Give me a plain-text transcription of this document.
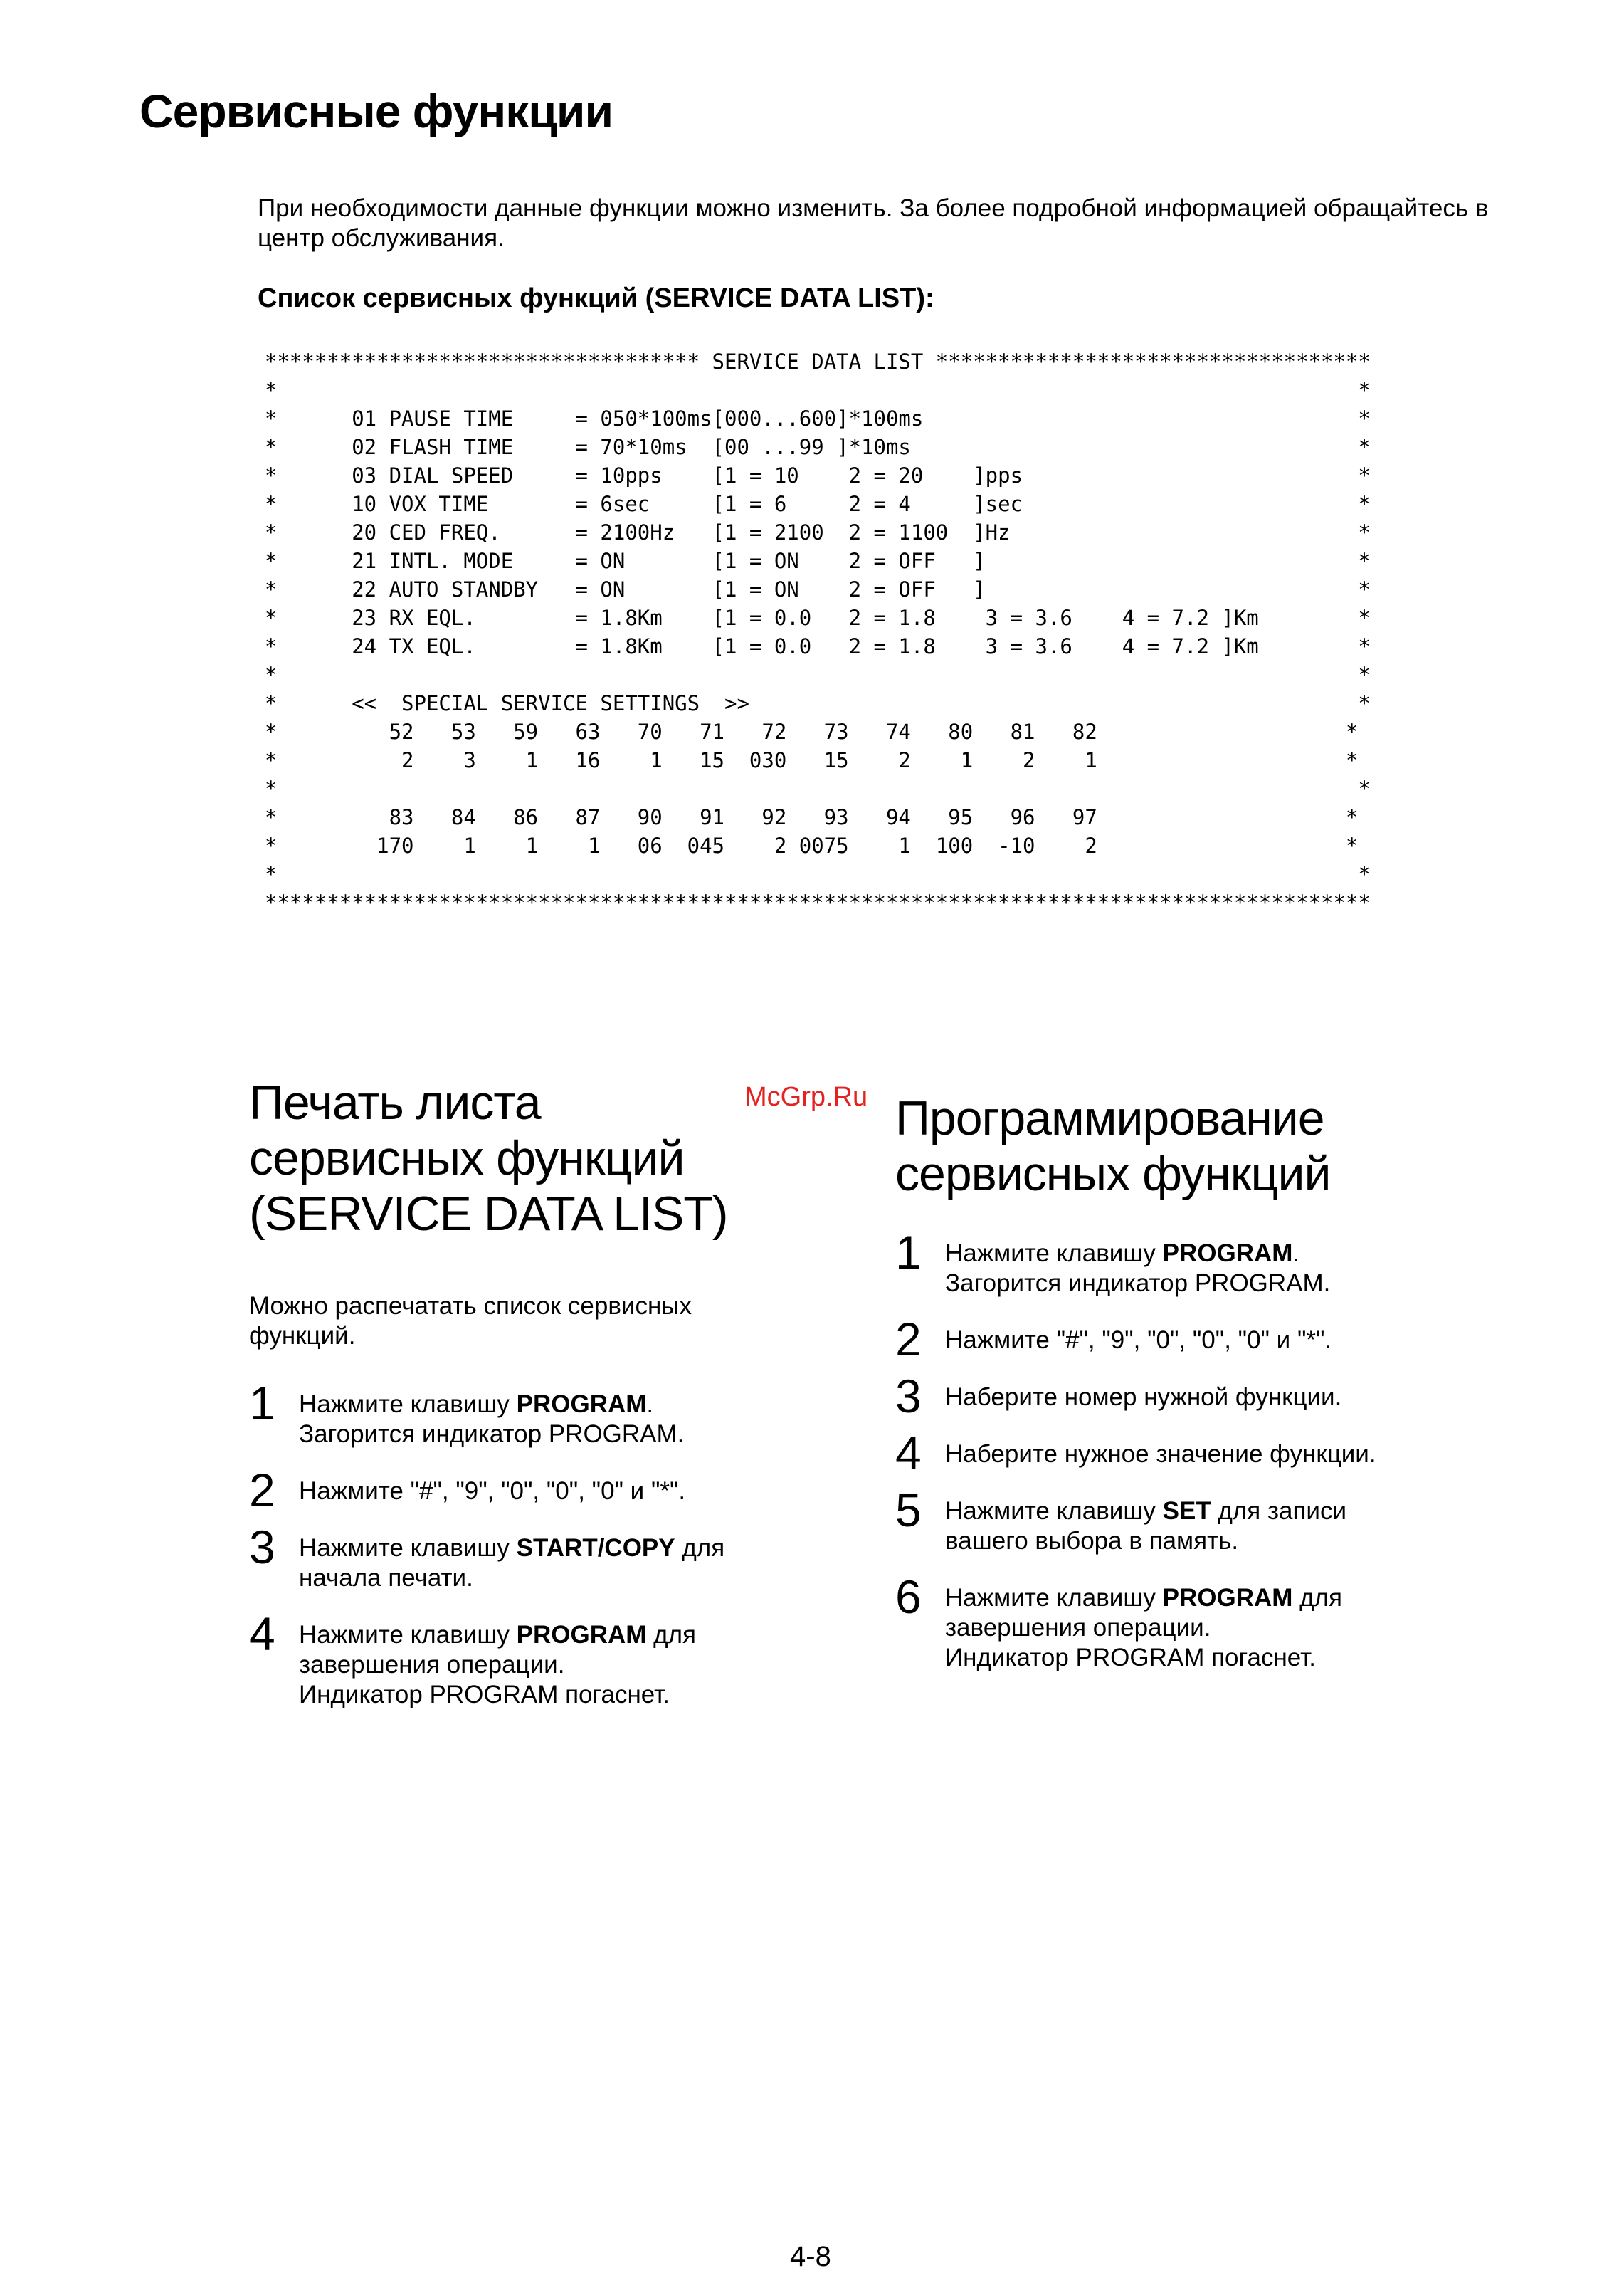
Сервисные функции

При необходимости данные функции можно изменить. За более подробной информацией обращайтесь в центр обслуживания.

Список сервисных функций (SERVICE DATA LIST):
*********************************** SERVICE DATA LIST ***********************************
*                                                                                       *
*      01 PAUSE TIME     = 050*100ms[000...600]*100ms                                   *
*      02 FLASH TIME     = 70*10ms  [00 ...99 ]*10ms                                    *
*      03 DIAL SPEED     = 10pps    [1 = 10    2 = 20    ]pps                           *
*      10 VOX TIME       = 6sec     [1 = 6     2 = 4     ]sec                           *
*      20 CED FREQ.      = 2100Hz   [1 = 2100  2 = 1100  ]Hz                            *
*      21 INTL. MODE     = ON       [1 = ON    2 = OFF   ]                              *
*      22 AUTO STANDBY   = ON       [1 = ON    2 = OFF   ]                              *
*      23 RX EQL.        = 1.8Km    [1 = 0.0   2 = 1.8    3 = 3.6    4 = 7.2 ]Km        *
*      24 TX EQL.        = 1.8Km    [1 = 0.0   2 = 1.8    3 = 3.6    4 = 7.2 ]Km        *
*                                                                                       *
*      <<  SPECIAL SERVICE SETTINGS  >>                                                 *
*         52   53   59   63   70   71   72   73   74   80   81   82                    *
*          2    3    1   16    1   15  030   15    2    1    2    1                    *
*                                                                                       *
*         83   84   86   87   90   91   92   93   94   95   96   97                    *
*        170    1    1    1   06  045    2 0075    1  100  -10    2                    *
*                                                                                       *
*****************************************************************************************
McGrp.Ru
Печать листа сервисных функций (SERVICE DATA LIST)

Можно распечатать список сервисных функций.

1 Нажмите клавишу PROGRAM.
Загорится индикатор PROGRAM.
2 Нажмите "#", "9", "0", "0", "0" и "*".
3 Нажмите клавишу START/COPY для начала печати.
4 Нажмите клавишу PROGRAM для завершения операции.
Индикатор PROGRAM погаснет.
Программирование сервисных функций
1 Нажмите клавишу PROGRAM.
Загорится индикатор PROGRAM.
2 Нажмите "#", "9", "0", "0", "0" и "*".
3 Наберите номер нужной функции.
4 Наберите нужное значение функции.
5 Нажмите клавишу SET для записи вашего выбора в память.
6 Нажмите клавишу PROGRAM для завершения операции.
Индикатор PROGRAM погаснет.
4-8
